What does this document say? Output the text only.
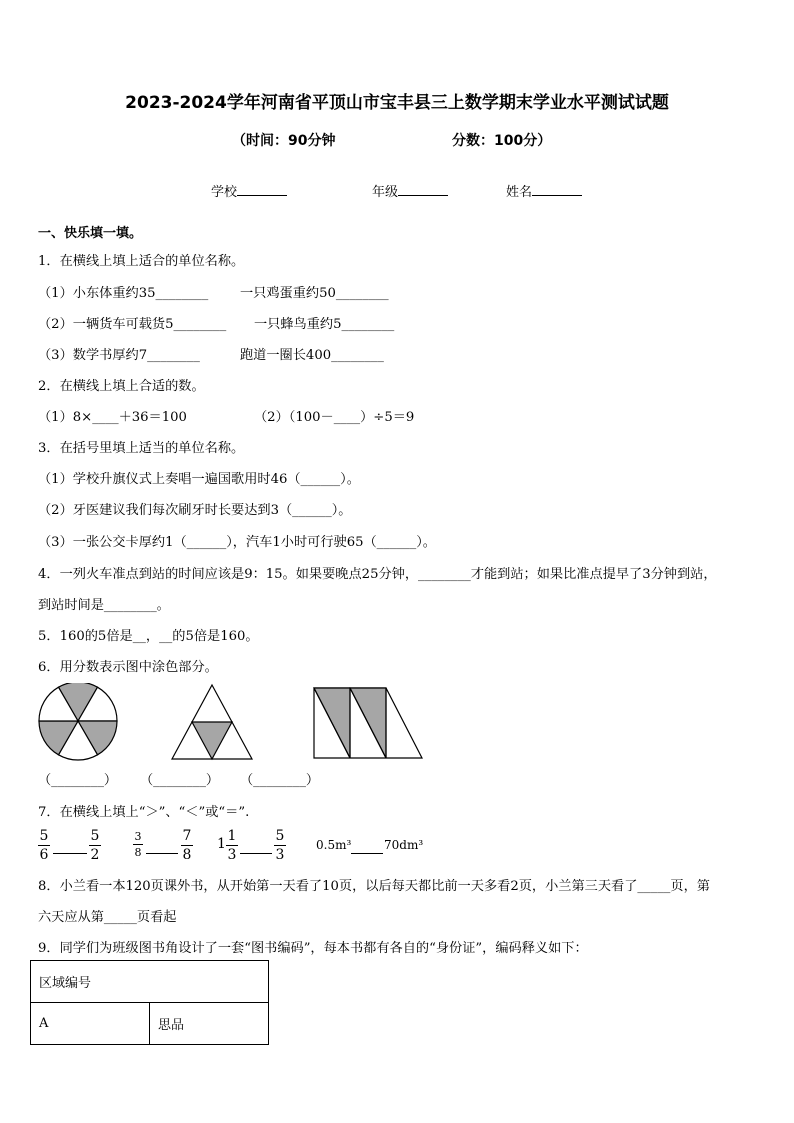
2023-2024学年河南省平顶山市宝丰县三上数学期末学业水平测试试题
（时间：90分钟	分数：100分）
学校	年级	姓名
一、快乐填一填。
1．在横线上填上适合的单位名称。
（1）小东体重约35________ 一只鸡蛋重约50________
（2）一辆货车可载货5________ 一只蜂鸟重约5________
（3）数学书厚约7________	跑道一圈长400________
2．在横线上填上合适的数。
（1）8×____＋36＝100	（2）（100－____）÷5＝9
3．在括号里填上适当的单位名称。
（1）学校升旗仪式上奏唱一遍国歌用时46（______）。
（2）牙医建议我们每次刷牙时长要达到3（______）。
（3）一张公交卡厚约1（______），汽车1小时可行驶65（______）。
4．一列火车准点到站的时间应该是9：15。如果要晚点25分钟，________才能到站；如果比准点提早了3分钟到站，
到站时间是________。
5．160的5倍是__，__的5倍是160。
6．用分数表示图中涂色部分。
（________） （________） （________）
7．在横线上填上“＞”、“＜”或“＝”.
5
6
5
2
3
8
7
8
1 1
3
5
3
0.5m³	70dm³
8．小兰看一本120页课外书，从开始第一天看了10页，以后每天都比前一天多看2页，小兰第三天看了_____页，第
六天应从第_____页看起
9．同学们为班级图书角设计了一套“图书编码”，每本书都有各自的“身份证”，编码释义如下：
区域编号
A	思品
